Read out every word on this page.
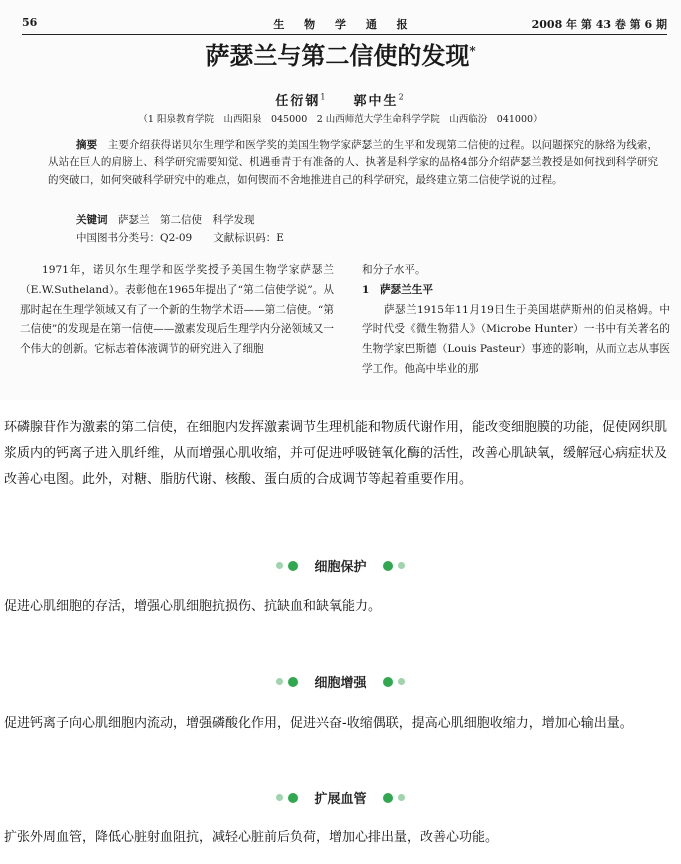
56	生 物 学 通 报	2008 年 第 43 卷 第 6 期
萨瑟兰与第二信使的发现*
任衍钢$^1$ 郭中生$^2$
（1 阳泉教育学院　山西阳泉　045000　2 山西师范大学生命科学学院　山西临汾　041000）
摘要　 主要介绍获得诺贝尔生理学和医学奖的美国生物学家萨瑟兰的生平和发现第二信使的过程。以问题探究的脉络为线索，从站在巨人的肩膀上、科学研究需要知觉、机遇垂青于有准备的人、执著是科学家的品格4部分介绍萨瑟兰教授是如何找到科学研究的突破口，如何突破科学研究中的难点，如何锲而不舍地推进自己的科学研究，最终建立第二信使学说的过程。
关键词　 萨瑟兰　第二信使　科学发现
中国图书分类号：Q2-09　　文献标识码：E

1971年，诺贝尔生理学和医学奖授予美国生物学家萨瑟兰（E.W.Sutheland）。表彰他在1965年提出了“第二信使学说”。从那时起在生理学领域又有了一个新的生物学术语——第二信使。“第二信使”的发现是在第一信使——激素发现后生理学内分泌领域又一个伟大的创新。它标志着体液调节的研究进入了细胞

和分子水平。

1　萨瑟兰生平

萨瑟兰1915年11月19日生于美国堪萨斯州的伯灵格姆。中学时代受《微生物猎人》（Microbe Hunter）一书中有关著名的生物学家巴斯德（Louis Pasteur）事迹的影响，从而立志从事医学工作。他高中毕业的那

环磷腺苷作为激素的第二信使，在细胞内发挥激素调节生理机能和物质代谢作用，能改变细胞膜的功能，促使网织肌浆质内的钙离子进入肌纤维，从而增强心肌收缩，并可促进呼吸链氧化酶的活性，改善心肌缺氧，缓解冠心病症状及改善心电图。此外，对糖、脂肪代谢、核酸、蛋白质的合成调节等起着重要作用。
细胞保护
促进心肌细胞的存活，增强心肌细胞抗损伤、抗缺血和缺氧能力。
细胞增强
促进钙离子向心肌细胞内流动，增强磷酸化作用，促进兴奋-收缩偶联，提高心肌细胞收缩力，增加心输出量。
扩展血管
扩张外周血管，降低心脏射血阻抗，减轻心脏前后负荷，增加心排出量，改善心功能。
